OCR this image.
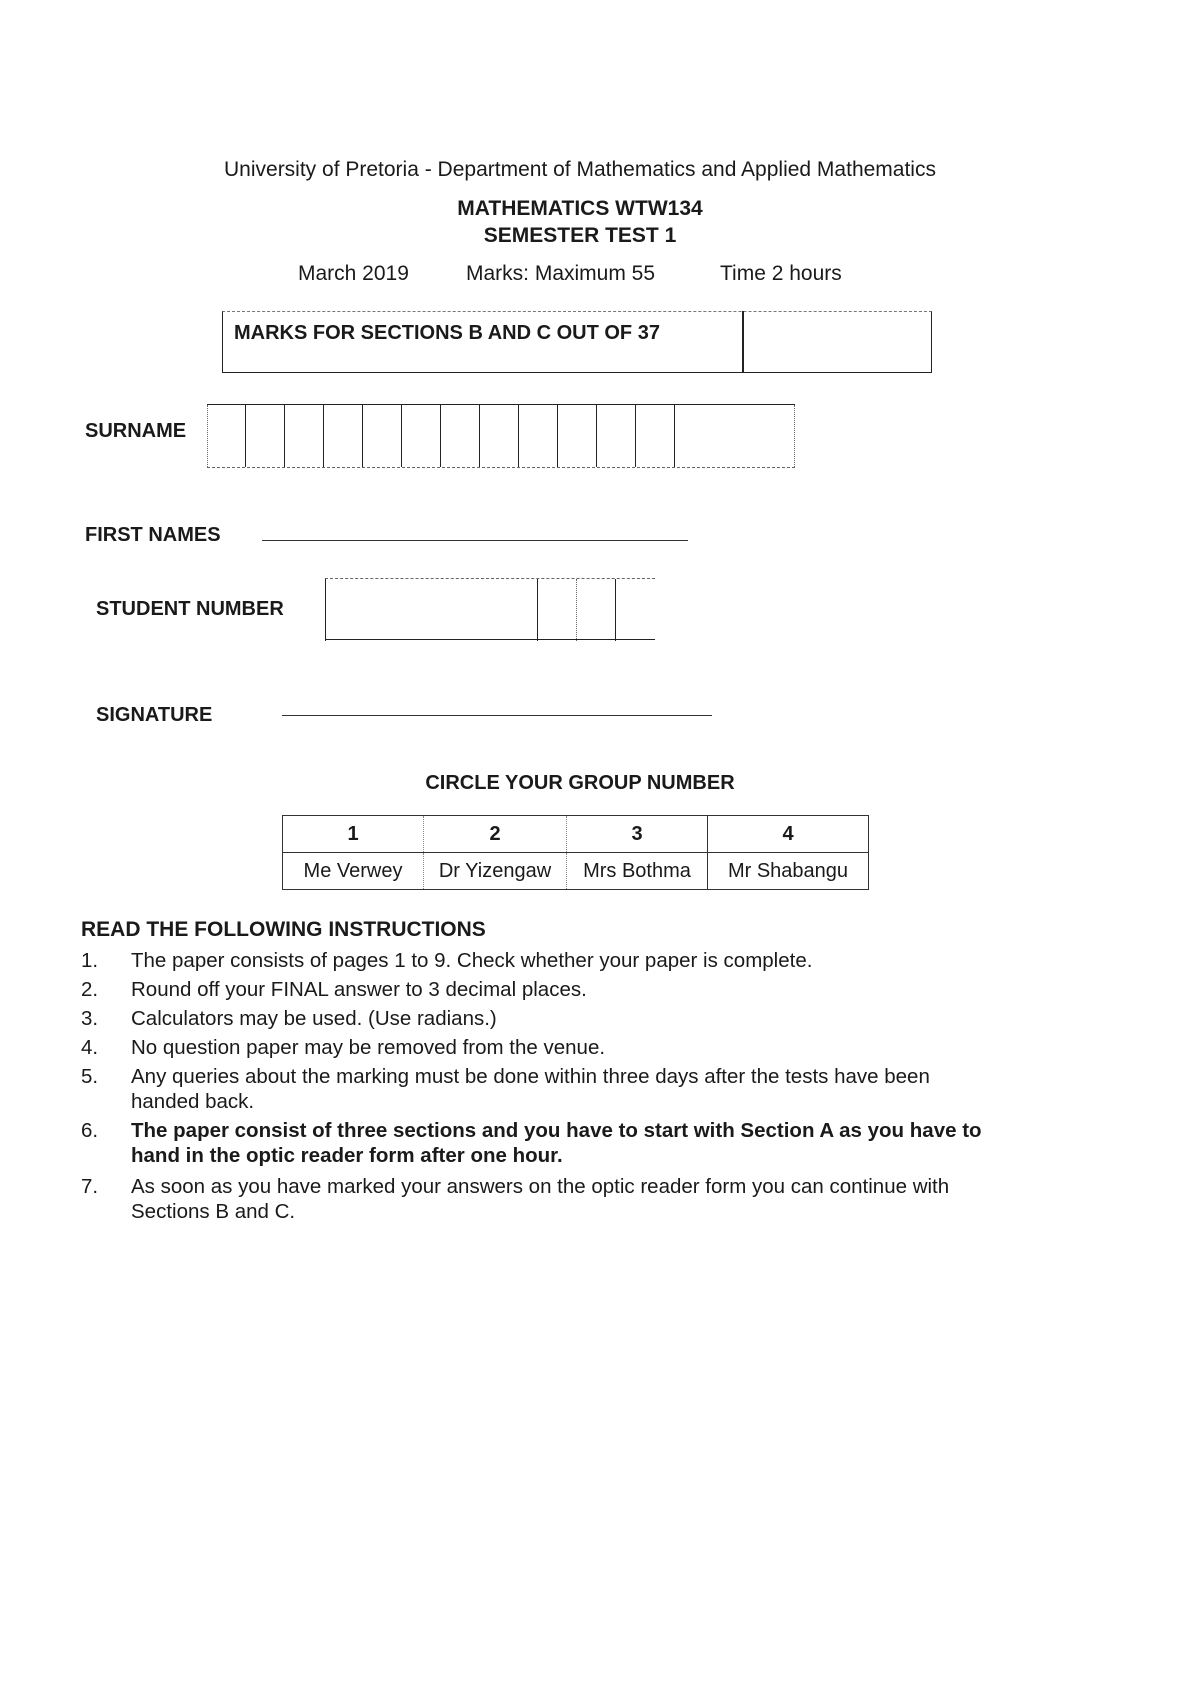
University of Pretoria - Department of Mathematics and Applied Mathematics
MATHEMATICS WTW134
SEMESTER TEST 1
March 2019	Marks: Maximum 55	Time 2 hours
MARKS FOR SECTIONS B AND C OUT OF 37
SURNAME
FIRST NAMES
STUDENT NUMBER
SIGNATURE
CIRCLE YOUR GROUP NUMBER
1	2	3	4
Me Verwey	Dr Yizengaw	Mrs Bothma	Mr Shabangu
READ THE FOLLOWING INSTRUCTIONS
1.	The paper consists of pages 1 to 9. Check whether your paper is complete.
2.	Round off your FINAL answer to 3 decimal places.
3.	Calculators may be used. (Use radians.)
4.	No question paper may be removed from the venue.
5.	Any queries about the marking must be done within three days after the tests have been handed back.
6.	The paper consist of three sections and you have to start with Section A as you have to hand in the optic reader form after one hour.
7.	As soon as you have marked your answers on the optic reader form you can continue with Sections B and C.
